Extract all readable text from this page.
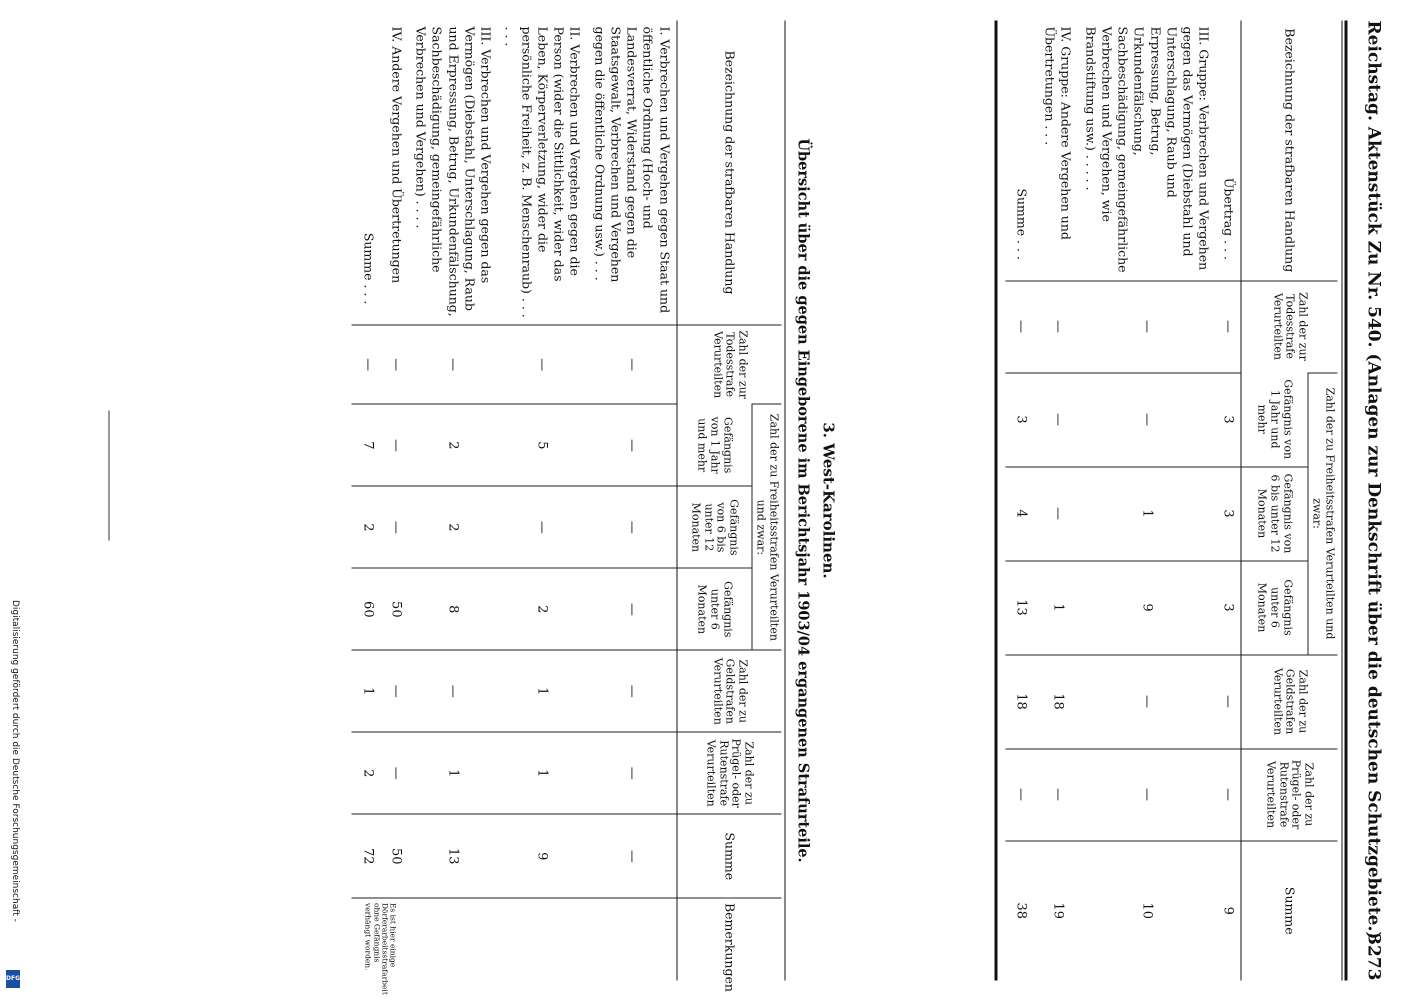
Reichstag. Aktenstück Zu Nr. 540. (Anlagen zur Denkschrift über die deutschen Schutzgebiete.)
3273
Bezeichnung der strafbaren Handlung	Zahl der zur Todesstrafe Verurteilten	Zahl der zu Freiheitsstrafen Verurteilten und zwar:			Zahl der zu Geldstrafen Verurteilten	Zahl der zu Prügel- oder Rutenstrafe Verurteilten	Summe
		Gefängnis von 1 Jahr und mehr	Gefängnis von 6 bis unter 12 Monaten	Gefängnis unter 6 Monaten			
Übertrag . . .	—	3	3	3	—	—	9
III. Gruppe: Verbrechen und Vergehen gegen das Vermögen (Diebstahl und Unterschlagung, Raub und Erpressung, Betrug, Urkundenfälschung, Sachbeschädigung, gemeingefährliche Verbrechen und Vergehen, wie Brandstiftung usw.) . . . . .	—	—	1	9	—	—	10
IV. Gruppe: Andere Vergehen und Übertretungen . . .	—	—	—	1	18	—	19
Summe . . .	—	3	4	13	18	—	38
3. West-Karolinen.
Übersicht über die gegen Eingeborene im Berichtsjahr 1903/04 ergangenen Strafurteile.
Bezeichnung der strafbaren Handlung	Zahl der zur Todesstrafe Verurteilten	Zahl der zu Freiheitsstrafen Verurteilten und zwar:			Zahl der zu Geldstrafen Verurteilten	Zahl der zu Prügel- oder Rutenstrafe Verurteilten	Summe	Bemerkungen
		Gefängnis von 1 Jahr und mehr	Gefängnis von 6 bis unter 12 Monaten	Gefängnis unter 6 Monaten				
I. Verbrechen und Vergehen gegen Staat und öffentliche Ordnung (Hoch- und Landesverrat, Widerstand gegen die Staatsgewalt, Verbrechen und Vergehen gegen die öffentliche Ordnung usw.) . . .	—	—	—	—	—	—	—	
II. Verbrechen und Vergehen gegen die Person (wider die Sittlichkeit, wider das Leben, Körperverletzung, wider die persönliche Freiheit, z. B. Menschenraub) . . . . . .	—	5	—	2	1	1	9	
III. Verbrechen und Vergehen gegen das Vermögen (Diebstahl, Unterschlagung, Raub und Erpressung, Betrug, Urkundenfälschung, Sachbeschädigung, gemeingefährliche Verbrechen und Vergehen) . . . .	—	2	2	8	—	1	13	
IV. Andere Vergehen und Übertretungen	—	—	—	50	—	—	50	Es ist hier einige Dörferarbeitsstrafarbeit ohne Gefängnis verhängt worden.
Summe . . .	—	7	2	60	1	2	72	
Digitalisierung gefördert durch die Deutsche Forschungsgemeinschaft -
DFG
